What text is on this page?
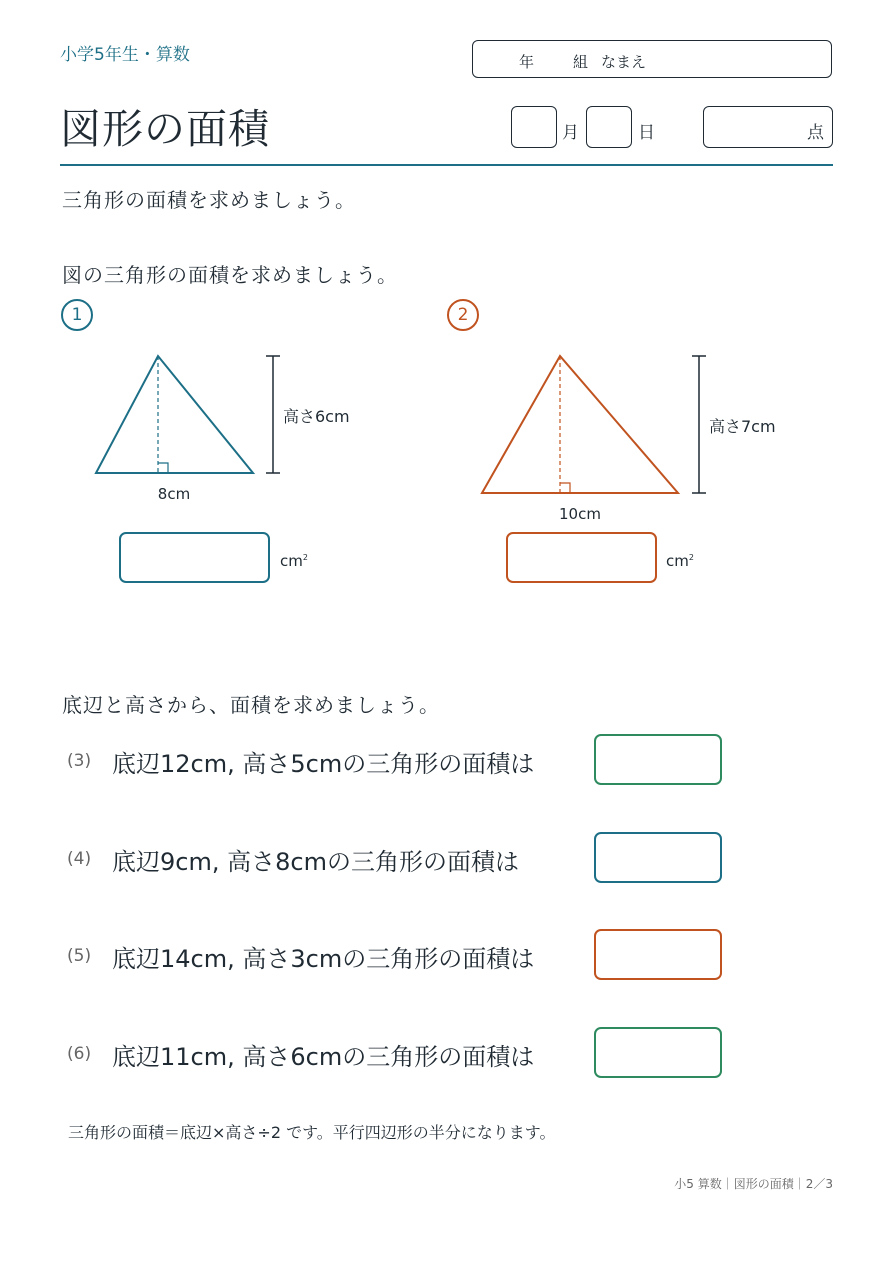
小学5年生・算数	年	組 なまえ
図形の面積	月	日	点
三角形の面積を求めましょう。
図の三角形の面積を求めましょう。
1	2
8cm
高さ6cm
10cm
高さ7cm
$cm^2$	$cm^2$
底辺と高さから、面積を求めましょう。
(3) 底辺12cm, 高さ5cmの三角形の面積は
(4) 底辺9cm, 高さ8cmの三角形の面積は
(5) 底辺14cm, 高さ3cmの三角形の面積は
(6) 底辺11cm, 高さ6cmの三角形の面積は
三角形の面積＝底辺×高さ÷2 です。平行四辺形の半分になります。
小5 算数｜図形の面積｜2／3
